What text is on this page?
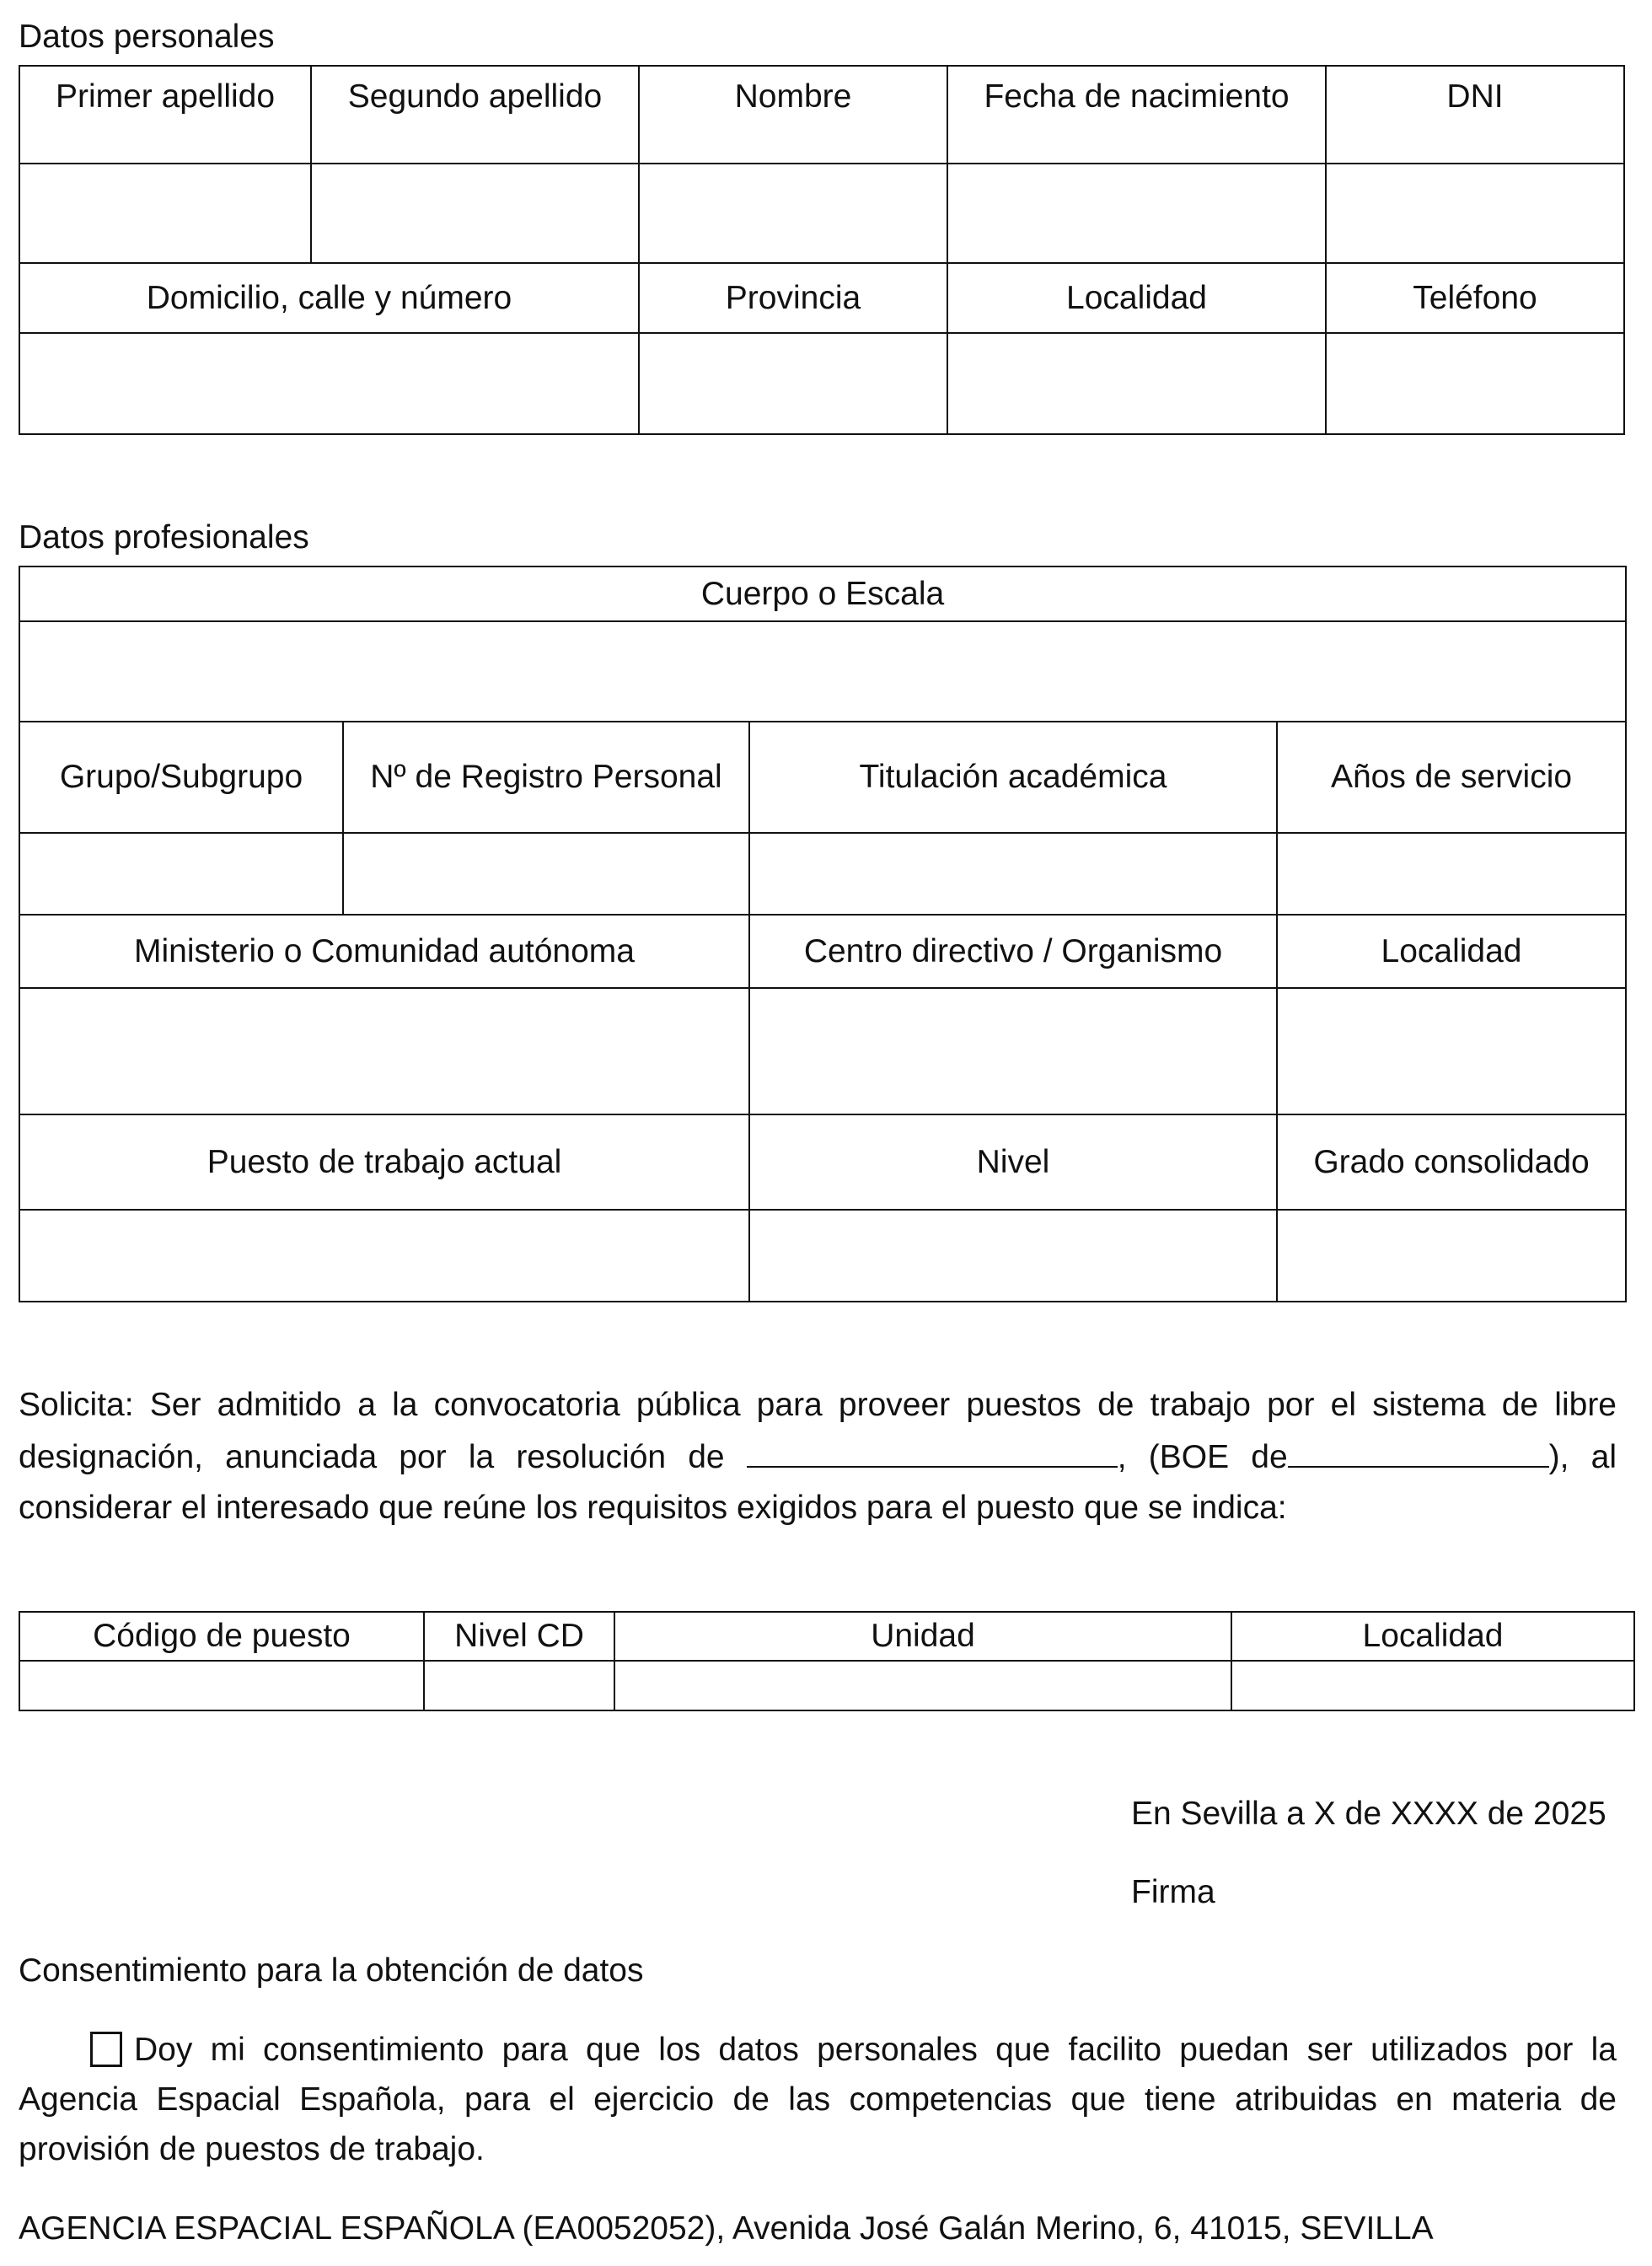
Datos personales
Primer apellido	Segundo apellido	Nombre	Fecha de nacimiento	DNI

Domicilio, calle y número		Provincia	Localidad	Teléfono

Datos profesionales
Cuerpo o Escala			

Grupo/Subgrupo	Nº de Registro Personal	Titulación académica	Años de servicio

Ministerio o Comunidad autónoma		Centro directivo / Organismo	Localidad

Puesto de trabajo actual		Nivel	Grado consolidado

Solicita: Ser admitido a la convocatoria pública para proveer puestos de trabajo por el sistema de libre designación, anunciada por la resolución de	, (BOE de	), al considerar el interesado que reúne los requisitos exigidos para el puesto que se indica:
Código de puesto	Nivel CD	Unidad	Localidad

En Sevilla a X de XXXX de 2025
Firma
Consentimiento para la obtención de datos
Doy mi consentimiento para que los datos personales que facilito puedan ser utilizados por la Agencia Espacial Española, para el ejercicio de las competencias que tiene atribuidas en materia de provisión de puestos de trabajo.
AGENCIA ESPACIAL ESPAÑOLA (EA0052052), Avenida José Galán Merino, 6, 41015, SEVILLA
